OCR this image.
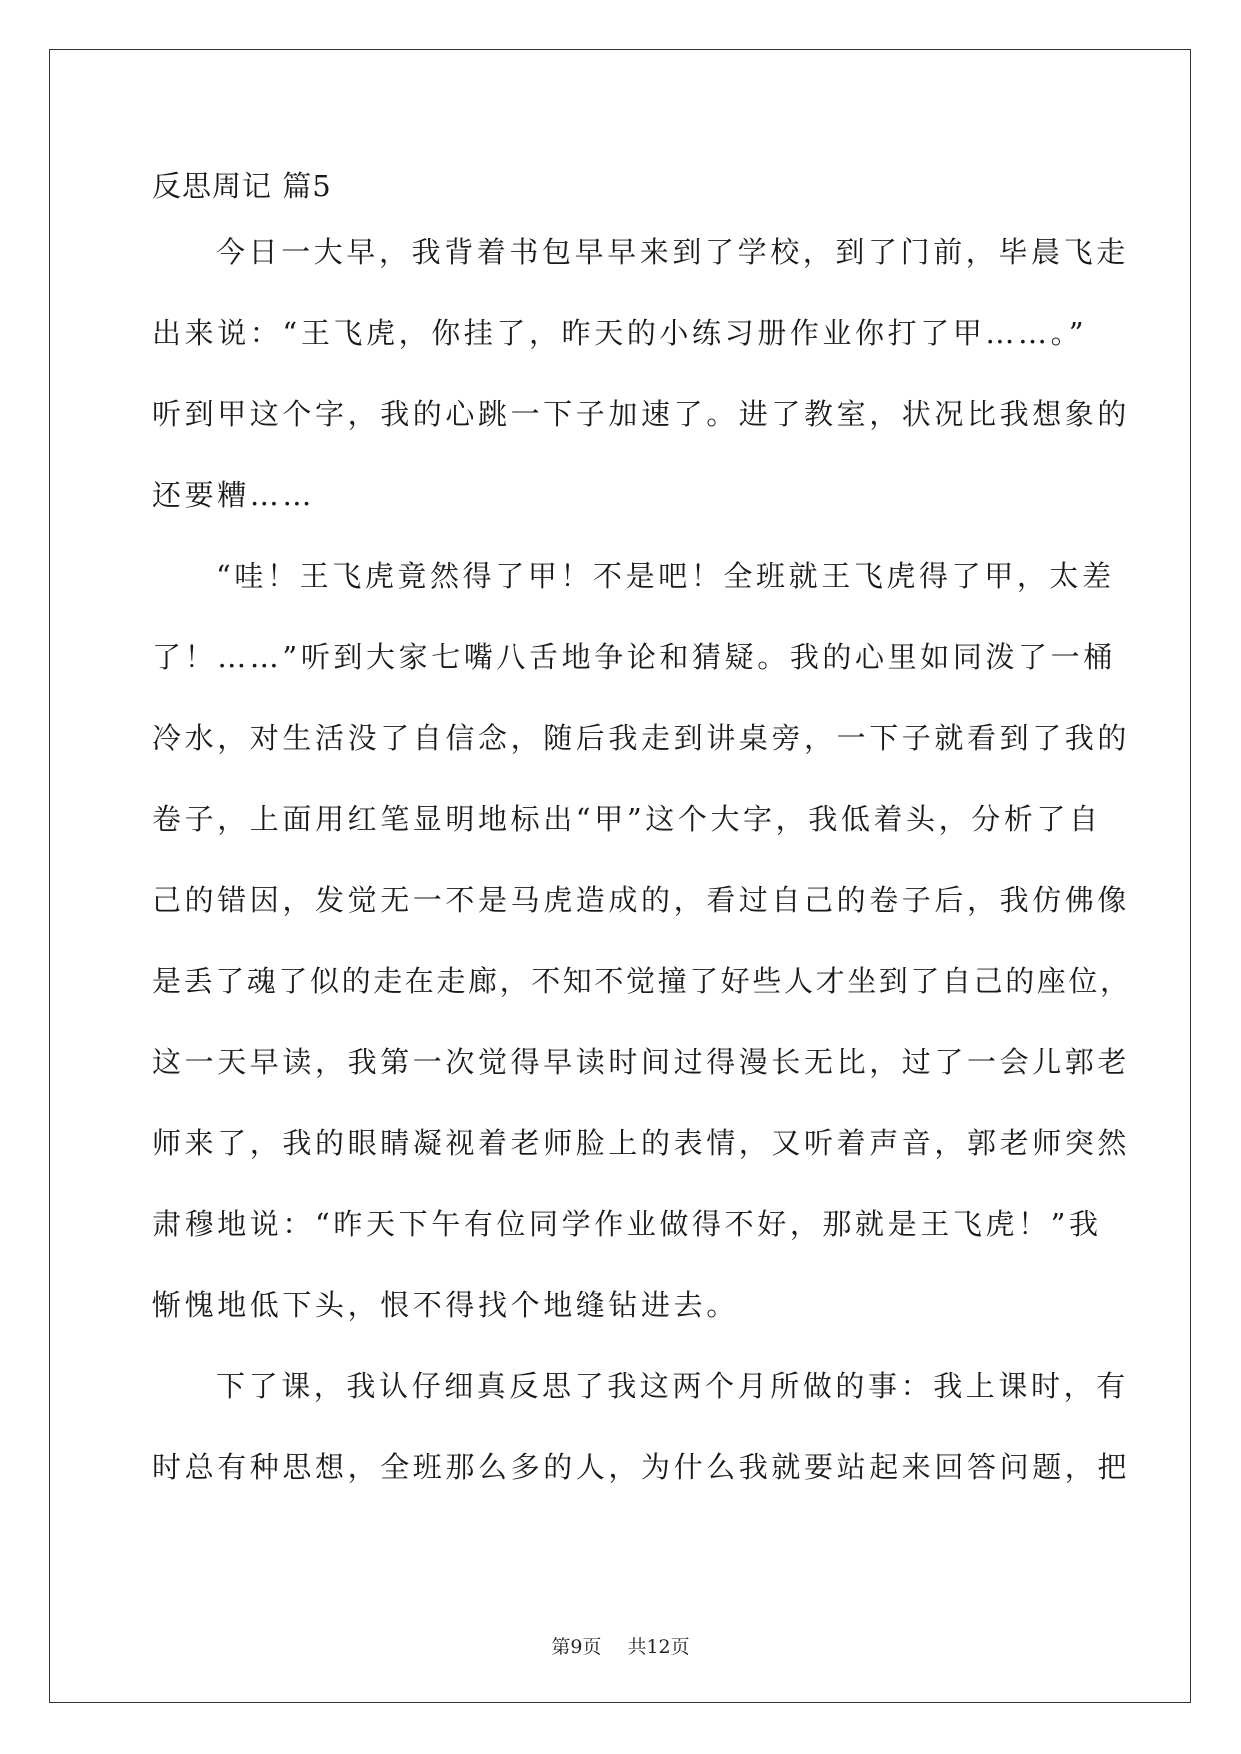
反思周记 篇5
今日一大早，我背着书包早早来到了学校，到了门前，毕晨飞走
出来说：“王飞虎，你挂了，昨天的小练习册作业你打了甲……。”
听到甲这个字，我的心跳一下子加速了。进了教室，状况比我想象的
还要糟……
“哇！王飞虎竟然得了甲！不是吧！全班就王飞虎得了甲，太差
了！……”听到大家七嘴八舌地争论和猜疑。我的心里如同泼了一桶
冷水，对生活没了自信念，随后我走到讲桌旁，一下子就看到了我的
卷子，上面用红笔显明地标出“甲”这个大字，我低着头，分析了自
己的错因，发觉无一不是马虎造成的，看过自己的卷子后，我仿佛像
是丢了魂了似的走在走廊，不知不觉撞了好些人才坐到了自己的座位，
这一天早读，我第一次觉得早读时间过得漫长无比，过了一会儿郭老
师来了，我的眼睛凝视着老师脸上的表情，又听着声音，郭老师突然
肃穆地说：“昨天下午有位同学作业做得不好，那就是王飞虎！”我
惭愧地低下头，恨不得找个地缝钻进去。
下了课，我认仔细真反思了我这两个月所做的事：我上课时，有
时总有种思想，全班那么多的人，为什么我就要站起来回答问题，把
第9页 共12页
